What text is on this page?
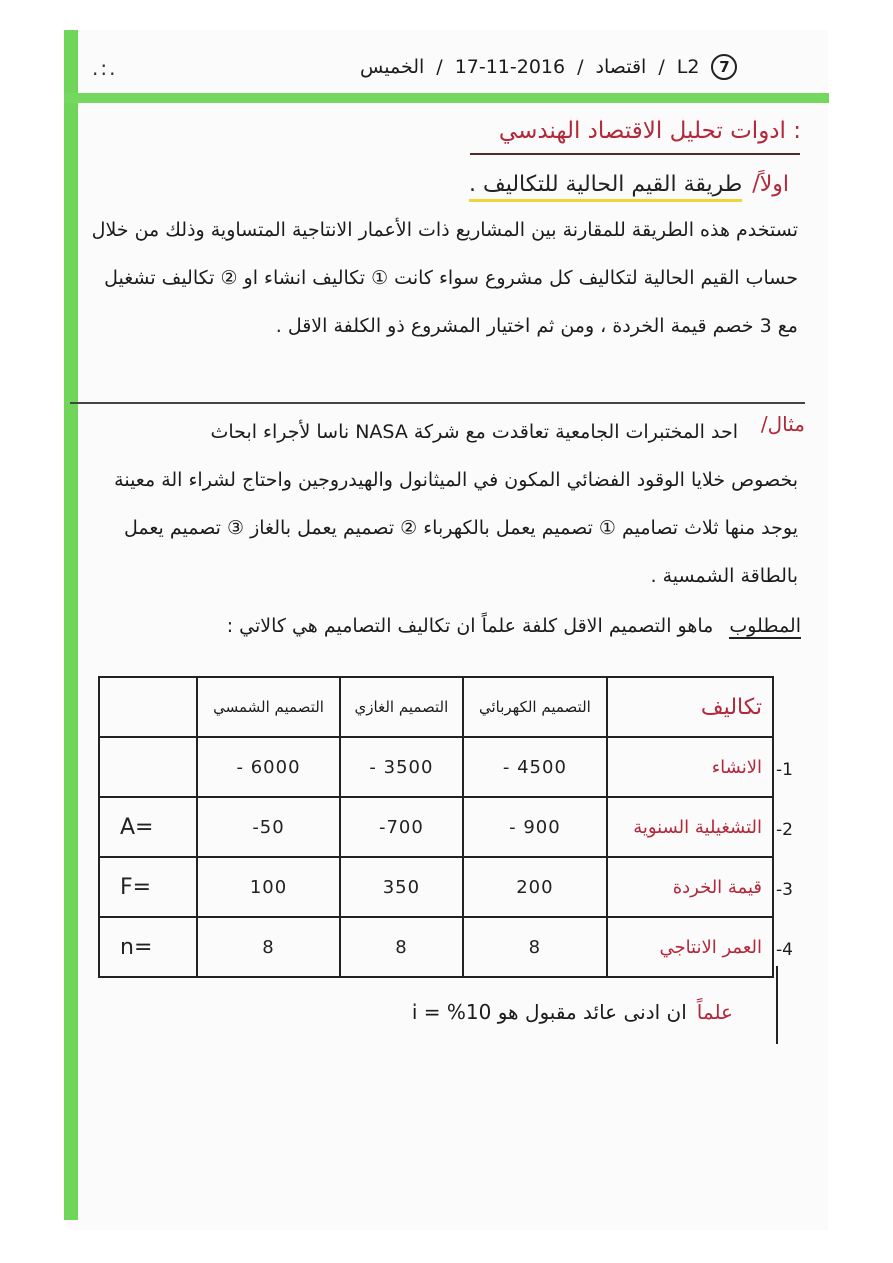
.:.	7
L2
/
اقتصاد
/
17-11-2016
/
الخميس
ادوات تحليل الاقتصاد الهندسي :
اولاً/
طريقة القيم الحالية للتكاليف .
تستخدم هذه الطريقة للمقارنة بين المشاريع ذات الأعمار الانتاجية المتساوية وذلك من خلال حساب القيم الحالية لتكاليف كل مشروع سواء كانت ① تكاليف انشاء او ② تكاليف تشغيل مع 3 خصم قيمة الخردة ، ومن ثم اختيار المشروع ذو الكلفة الاقل .
مثال/
احد المختبرات الجامعية تعاقدت مع شركة NASA ناسا لأجراء ابحاث
بخصوص خلايا الوقود الفضائي المكون في الميثانول والهيدروجين واحتاج لشراء الة معينة يوجد منها ثلاث تصاميم ① تصميم يعمل بالكهرباء ② تصميم يعمل بالغاز ③ تصميم يعمل بالطاقة الشمسية .
المطلوب ماهو التصميم الاقل كلفة علماً ان تكاليف التصاميم هي كالاتي :
	التصميم الشمسي	التصميم الغازي	التصميم الكهربائي	تكاليف
	- 6000	- 3500	- 4500	الانشاء
A=	-50	-700	- 900	التشغيلية السنوية
F=	100	350	200	قيمة الخردة
n=	8	8	8	العمر الانتاجي
-1
-2
-3
-4
علماً
ان ادنى عائد مقبول هو 10% = i
